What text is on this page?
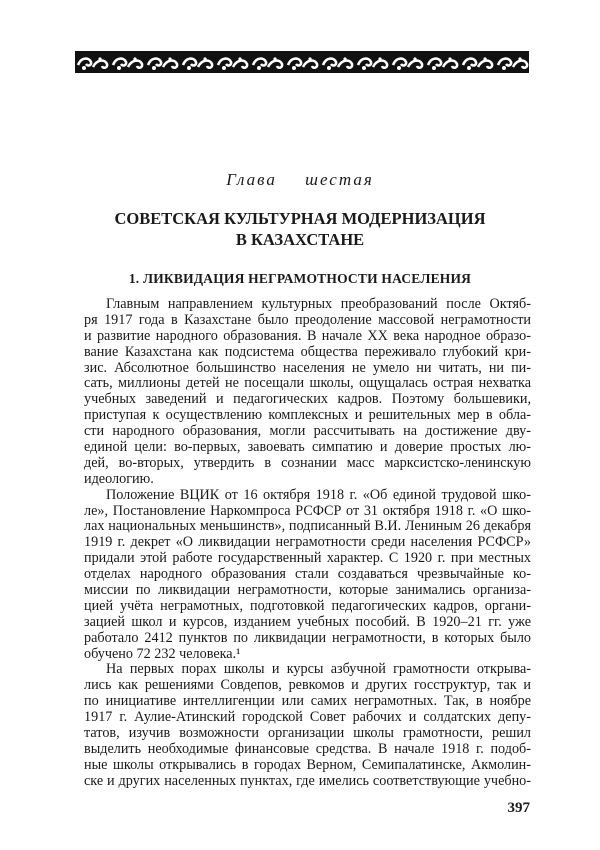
Глава шестая
СОВЕТСКАЯ КУЛЬТУРНАЯ МОДЕРНИЗАЦИЯ
В КАЗАХСТАНЕ
1. ЛИКВИДАЦИЯ НЕГРАМОТНОСТИ НАСЕЛЕНИЯ
Главным направлением культурных преобразований после Октяб-
ря 1917 года в Казахстане было преодоление массовой неграмотности
и развитие народного образования. В начале XX века народное образо-
вание Казахстана как подсистема общества переживало глубокий кри-
зис. Абсолютное большинство населения не умело ни читать, ни пи-
сать, миллионы детей не посещали школы, ощущалась острая нехватка
учебных заведений и педагогических кадров. Поэтому большевики,
приступая к осуществлению комплексных и решительных мер в обла-
сти народного образования, могли рассчитывать на достижение дву-
единой цели: во-первых, завоевать симпатию и доверие простых лю-
дей, во-вторых, утвердить в сознании масс марксистско-ленинскую
идеологию.
Положение ВЦИК от 16 октября 1918 г. «Об единой трудовой шко-
ле», Постановление Наркомпроса РСФСР от 31 октября 1918 г. «О шко-
лах национальных меньшинств», подписанный В.И. Лениным 26 декабря
1919 г. декрет «О ликвидации неграмотности среди населения РСФСР»
придали этой работе государственный характер. С 1920 г. при местных
отделах народного образования стали создаваться чрезвычайные ко-
миссии по ликвидации неграмотности, которые занимались организа-
цией учёта неграмотных, подготовкой педагогических кадров, органи-
зацией школ и курсов, изданием учебных пособий. В 1920–21 гг. уже
работало 2412 пунктов по ликвидации неграмотности, в которых было
обучено 72 232 человека.¹
На первых порах школы и курсы азбучной грамотности открыва-
лись как решениями Совдепов, ревкомов и других госструктур, так и
по инициативе интеллигенции или самих неграмотных. Так, в ноябре
1917 г. Аулие-Атинский городской Совет рабочих и солдатских депу-
татов, изучив возможности организации школы грамотности, решил
выделить необходимые финансовые средства. В начале 1918 г. подоб-
ные школы открывались в городах Верном, Семипалатинске, Акмолин-
ске и других населенных пунктах, где имелись соответствующие учебно-
397
